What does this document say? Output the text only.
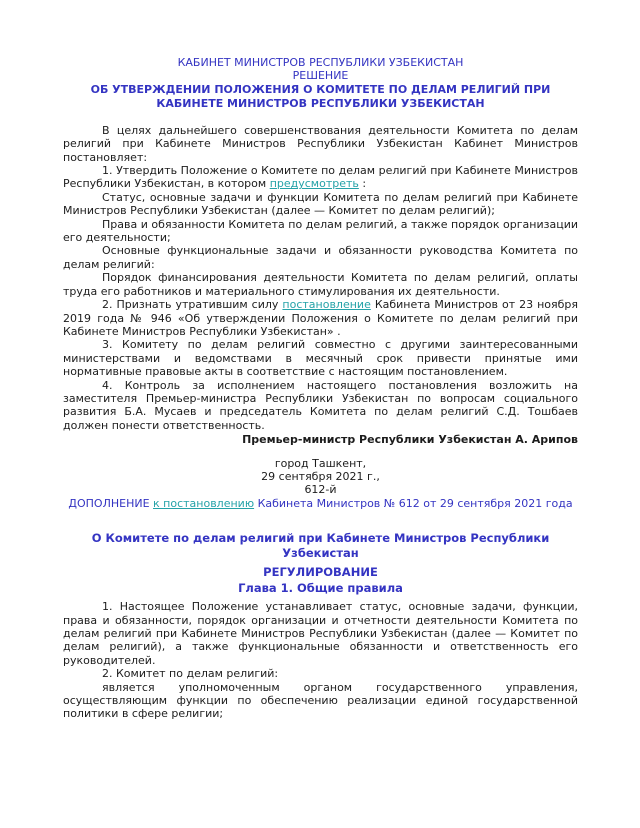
КАБИНЕТ МИНИСТРОВ РЕСПУБЛИКИ УЗБЕКИСТАН

РЕШЕНИЕ

ОБ УТВЕРЖДЕНИИ ПОЛОЖЕНИЯ О КОМИТЕТЕ ПО ДЕЛАМ РЕЛИГИЙ ПРИ КАБИНЕТЕ МИНИСТРОВ РЕСПУБЛИКИ УЗБЕКИСТАН

В целях дальнейшего совершенствования деятельности Комитета по делам религий при Кабинете Министров Республики Узбекистан Кабинет Министров постановляет:

1. Утвердить Положение о Комитете по делам религий при Кабинете Министров Республики Узбекистан, в котором предусмотреть :

Статус, основные задачи и функции Комитета по делам религий при Кабинете Министров Республики Узбекистан (далее — Комитет по делам религий);

Права и обязанности Комитета по делам религий, а также порядок организации его деятельности;

Основные функциональные задачи и обязанности руководства Комитета по делам религий:

Порядок финансирования деятельности Комитета по делам религий, оплаты труда его работников и материального стимулирования их деятельности.

2. Признать утратившим силу постановление Кабинета Министров от 23 ноября 2019 года № 946 «Об утверждении Положения о Комитете по делам религий при Кабинете Министров Республики Узбекистан» .

3. Комитету по делам религий совместно с другими заинтересованными министерствами и ведомствами в месячный срок привести принятые ими нормативные правовые акты в соответствие с настоящим постановлением.

4. Контроль за исполнением настоящего постановления возложить на заместителя Премьер-министра Республики Узбекистан по вопросам социального развития Б.А. Мусаев и председатель Комитета по делам религий С.Д. Тошбаев должен понести ответственность.

Премьер-министр Республики Узбекистан А. Арипов

город Ташкент,

29 сентября 2021 г.,

612-й

ДОПОЛНЕНИЕ к постановлению Кабинета Министров № 612 от 29 сентября 2021 года

О Комитете по делам религий при Кабинете Министров Республики Узбекистан

РЕГУЛИРОВАНИЕ

Глава 1. Общие правила

1. Настоящее Положение устанавливает статус, основные задачи, функции, права и обязанности, порядок организации и отчетности деятельности Комитета по делам религий при Кабинете Министров Республики Узбекистан (далее — Комитет по делам религий), а также функциональные обязанности и ответственность его руководителей.

2. Комитет по делам религий:

является уполномоченным органом государственного управления, осуществляющим функции по обеспечению реализации единой государственной политики в сфере религии;
